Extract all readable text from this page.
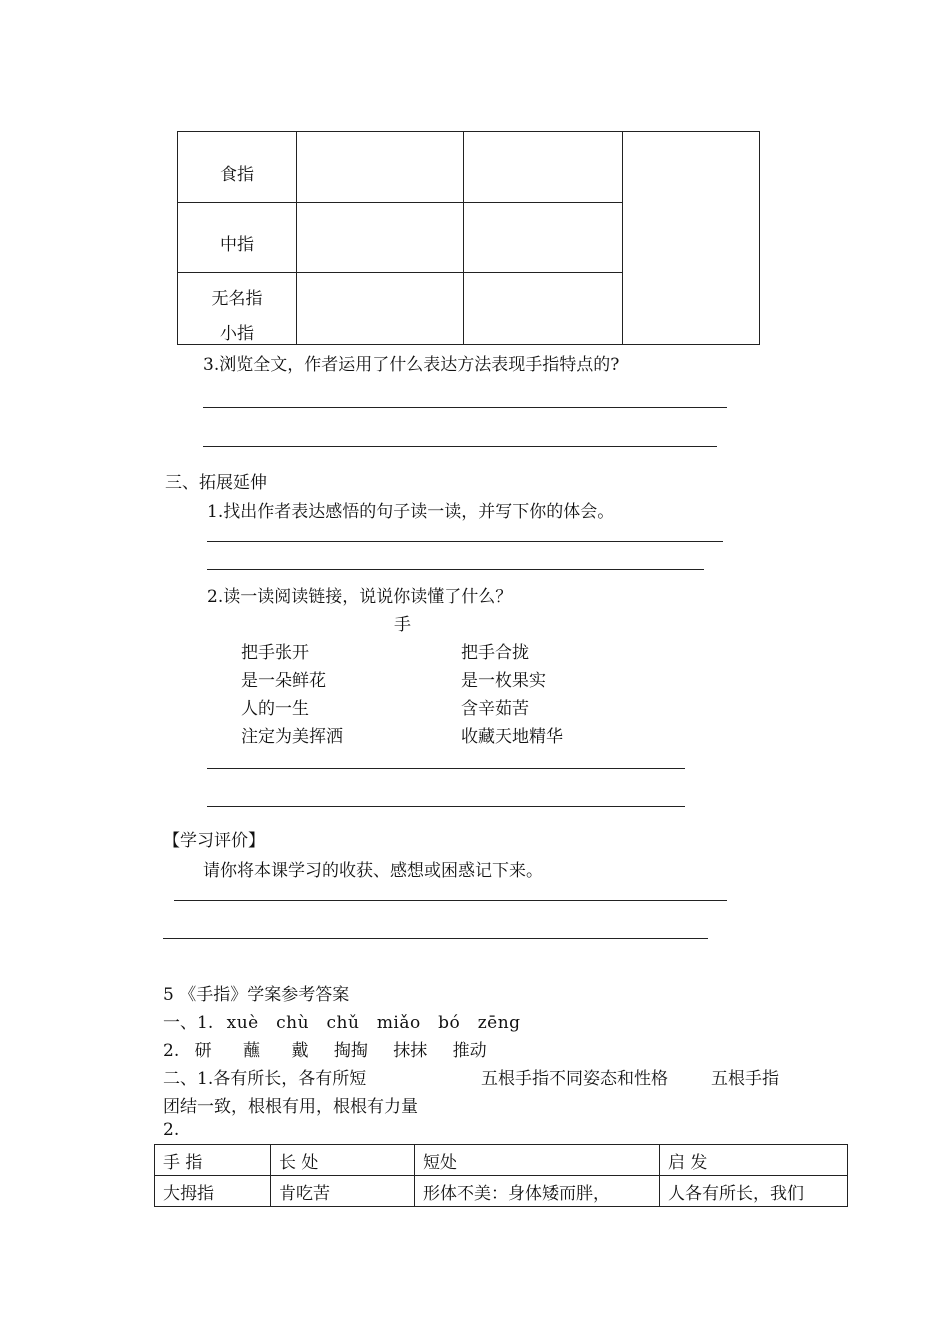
食指
中指
无名指
小指
3.浏览全文，作者运用了什么表达方法表现手指特点的?
三、拓展延伸
1.找出作者表达感悟的句子读一读，并写下你的体会。
2.读一读阅读链接，说说你读懂了什么？
手
把手张开
是一朵鲜花
人的一生
注定为美挥洒
把手合拢
是一枚果实
含辛茹苦
收藏天地精华
【学习评价】
请你将本课学习的收获、感想或困惑记下来。
5 《手指》学案参考答案
一、1. xuè chù chǔ miǎo bó zēng
2. 研 蘸 戴 掏掏 抹抹 推动
二、1.各有所长，各有所短	五根手指不同姿态和性格	五根手指
团结一致，根根有用，根根有力量
2.
手 指	长 处	短处	启 发
大拇指	肯吃苦	形体不美：身体矮而胖，	人各有所长，我们
